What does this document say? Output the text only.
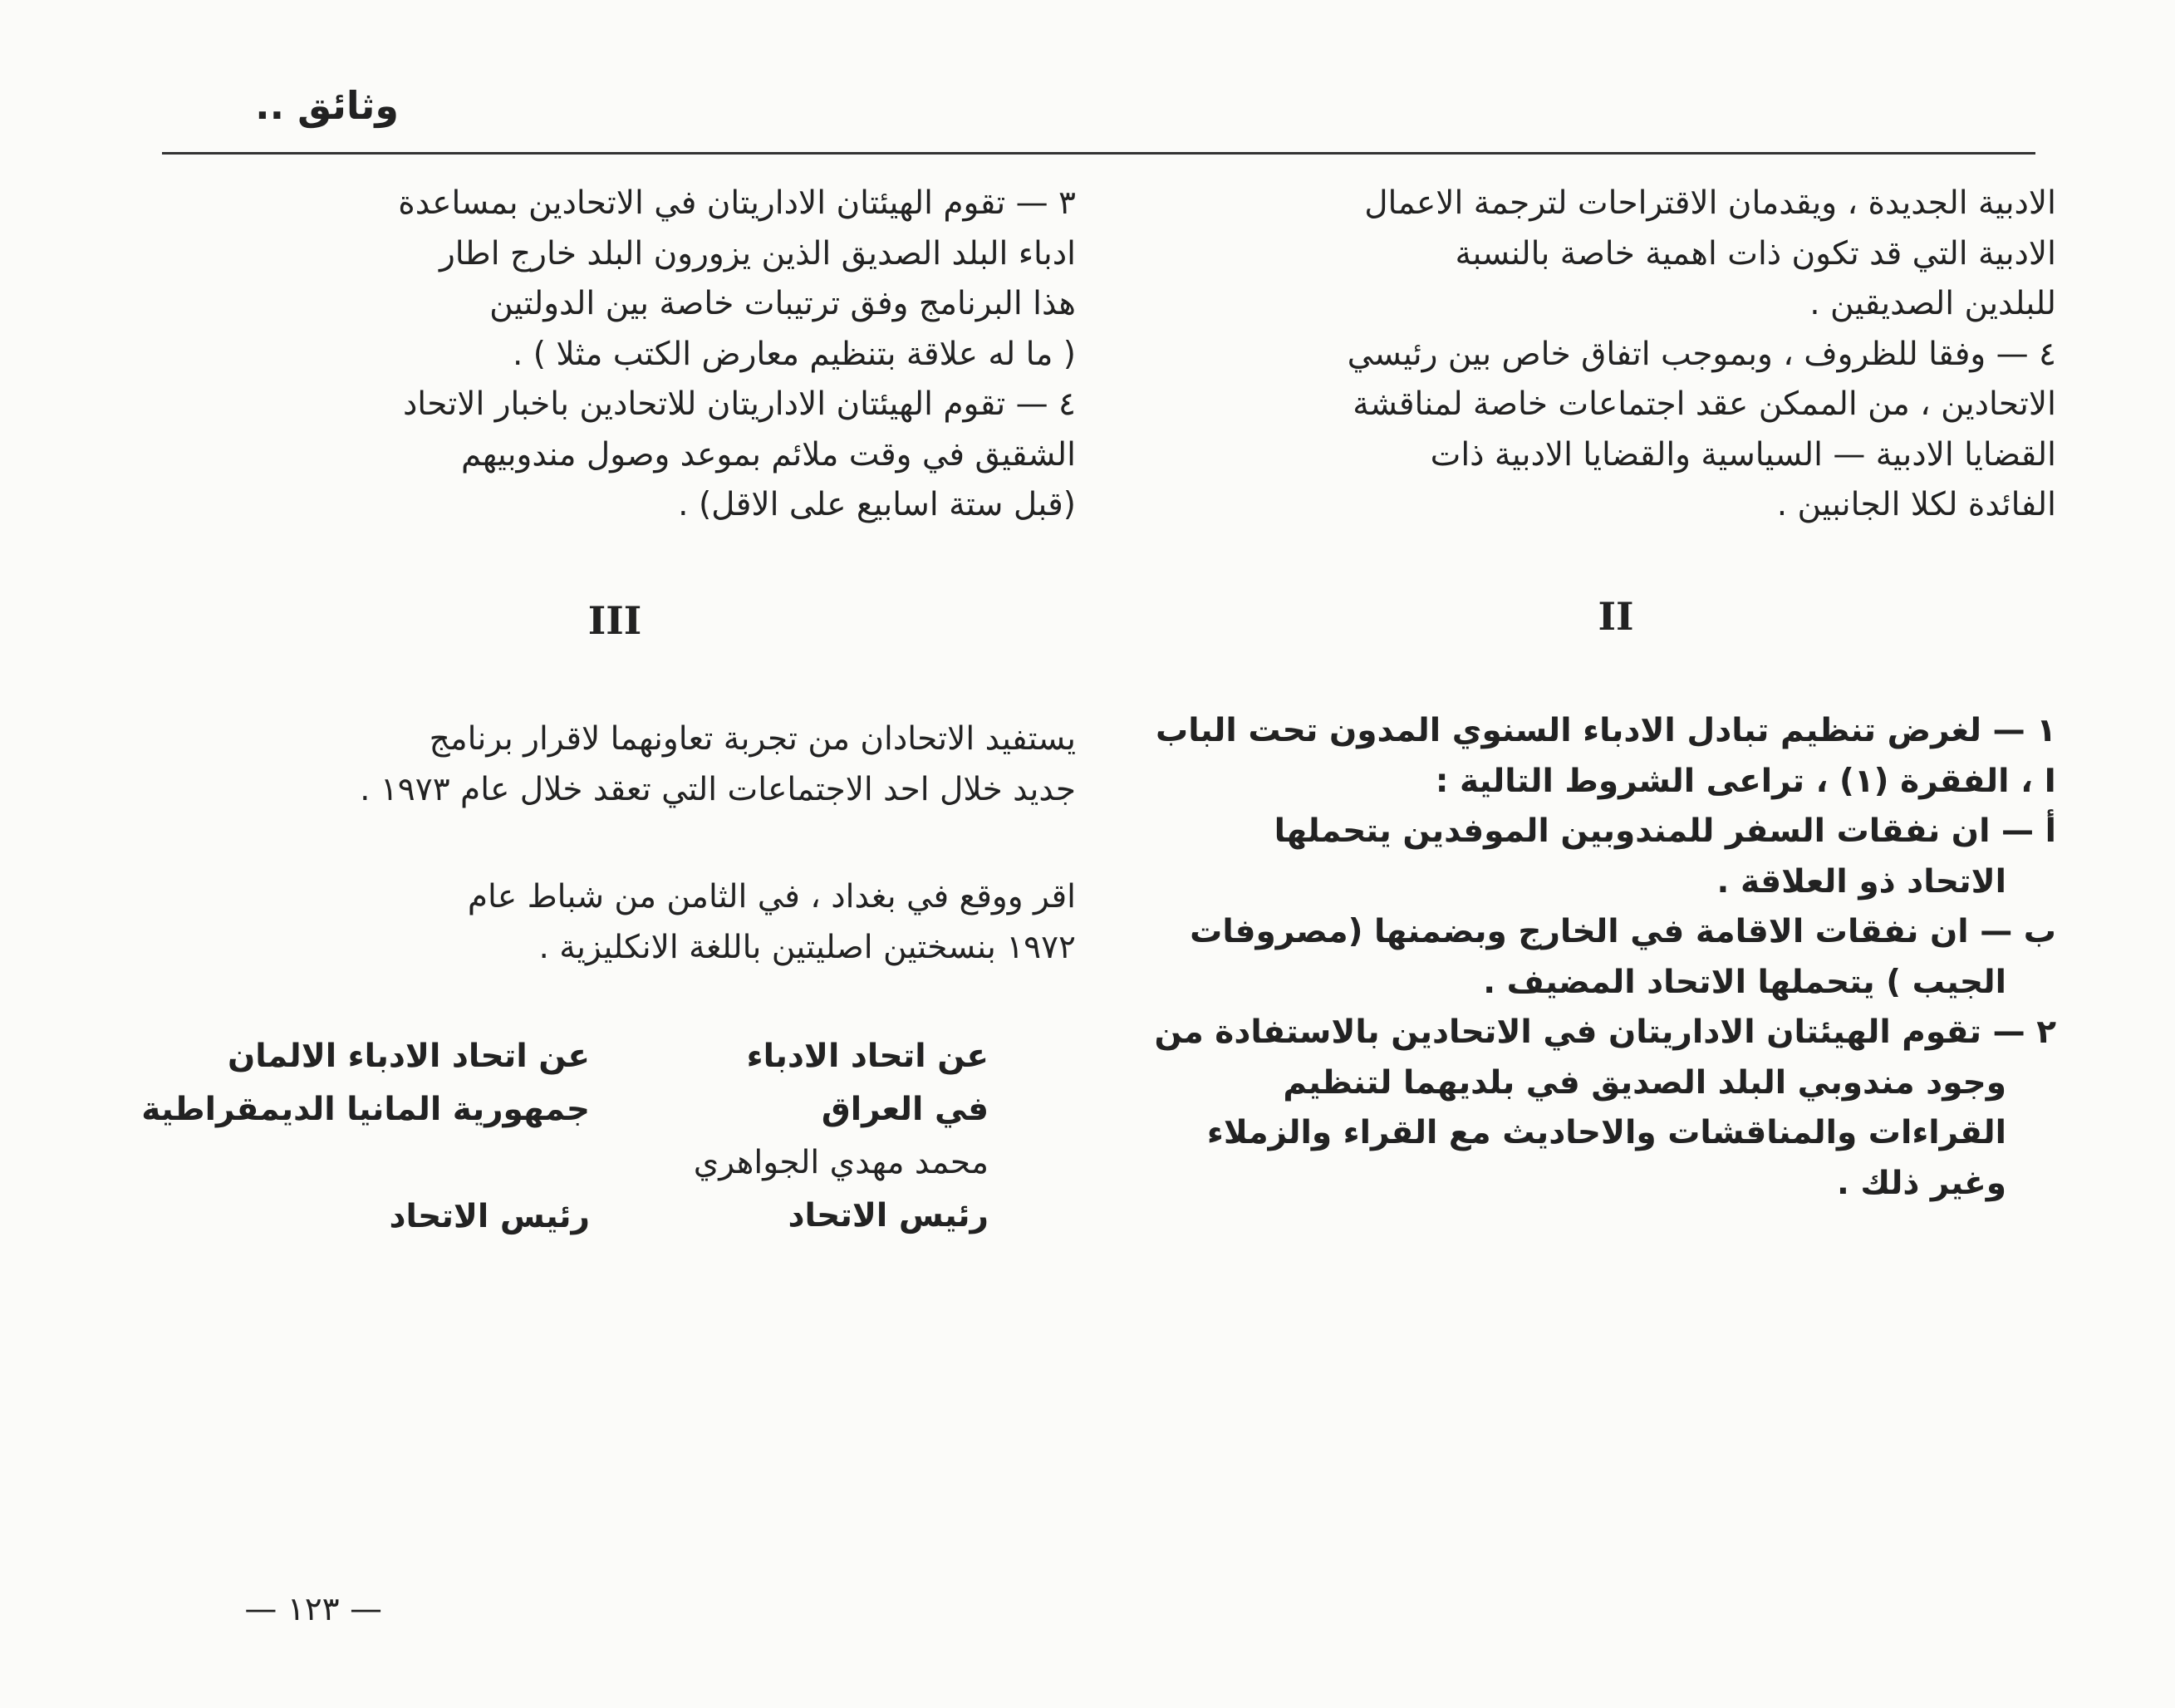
وثائق ..

الادبية الجديدة ، ويقدمان الاقتراحات لترجمة الاعمال

الادبية التي قد تكون ذات اهمية خاصة بالنسبة

للبلدين الصديقين .

٤ — وفقا للظروف ، وبموجب اتفاق خاص بين رئيسي

الاتحادين ، من الممكن عقد اجتماعات خاصة لمناقشة

القضايا الادبية — السياسية والقضايا الادبية ذات

الفائدة لكلا الجانبين .

٣ — تقوم الهيئتان الاداريتان في الاتحادين بمساعدة

ادباء البلد الصديق الذين يزورون البلد خارج اطار

هذا البرنامج وفق ترتيبات خاصة بين الدولتين

( ما له علاقة بتنظيم معارض الكتب مثلا ) .

٤ — تقوم الهيئتان الاداريتان للاتحادين باخبار الاتحاد

الشقيق في وقت ملائم بموعد وصول مندوبيهم

(قبل ستة اسابيع على الاقل) .

II
III

١ — لغرض تنظيم تبادل الادباء السنوي المدون تحت الباب

I ، الفقرة (١) ، تراعى الشروط التالية :

أ — ان نفقات السفر للمندوبين الموفدين يتحملها

الاتحاد ذو العلاقة .

ب — ان نفقات الاقامة في الخارج وبضمنها (مصروفات

الجيب ) يتحملها الاتحاد المضيف .

٢ — تقوم الهيئتان الاداريتان في الاتحادين بالاستفادة من

وجود مندوبي البلد الصديق في بلديهما لتنظيم

القراءات والمناقشات والاحاديث مع القراء والزملاء

وغير ذلك .

يستفيد الاتحادان من تجربة تعاونهما لاقرار برنامج

جديد خلال احد الاجتماعات التي تعقد خلال عام ١٩٧٣ .

اقر ووقع في بغداد ، في الثامن من شباط عام

١٩٧٢ بنسختين اصليتين باللغة الانكليزية .

عن اتحاد الادباء

في العراق

محمد مهدي الجواهري

رئيس الاتحاد

عن اتحاد الادباء الالمان

جمهورية المانيا الديمقراطية

رئيس الاتحاد

— ١٢٣ —
